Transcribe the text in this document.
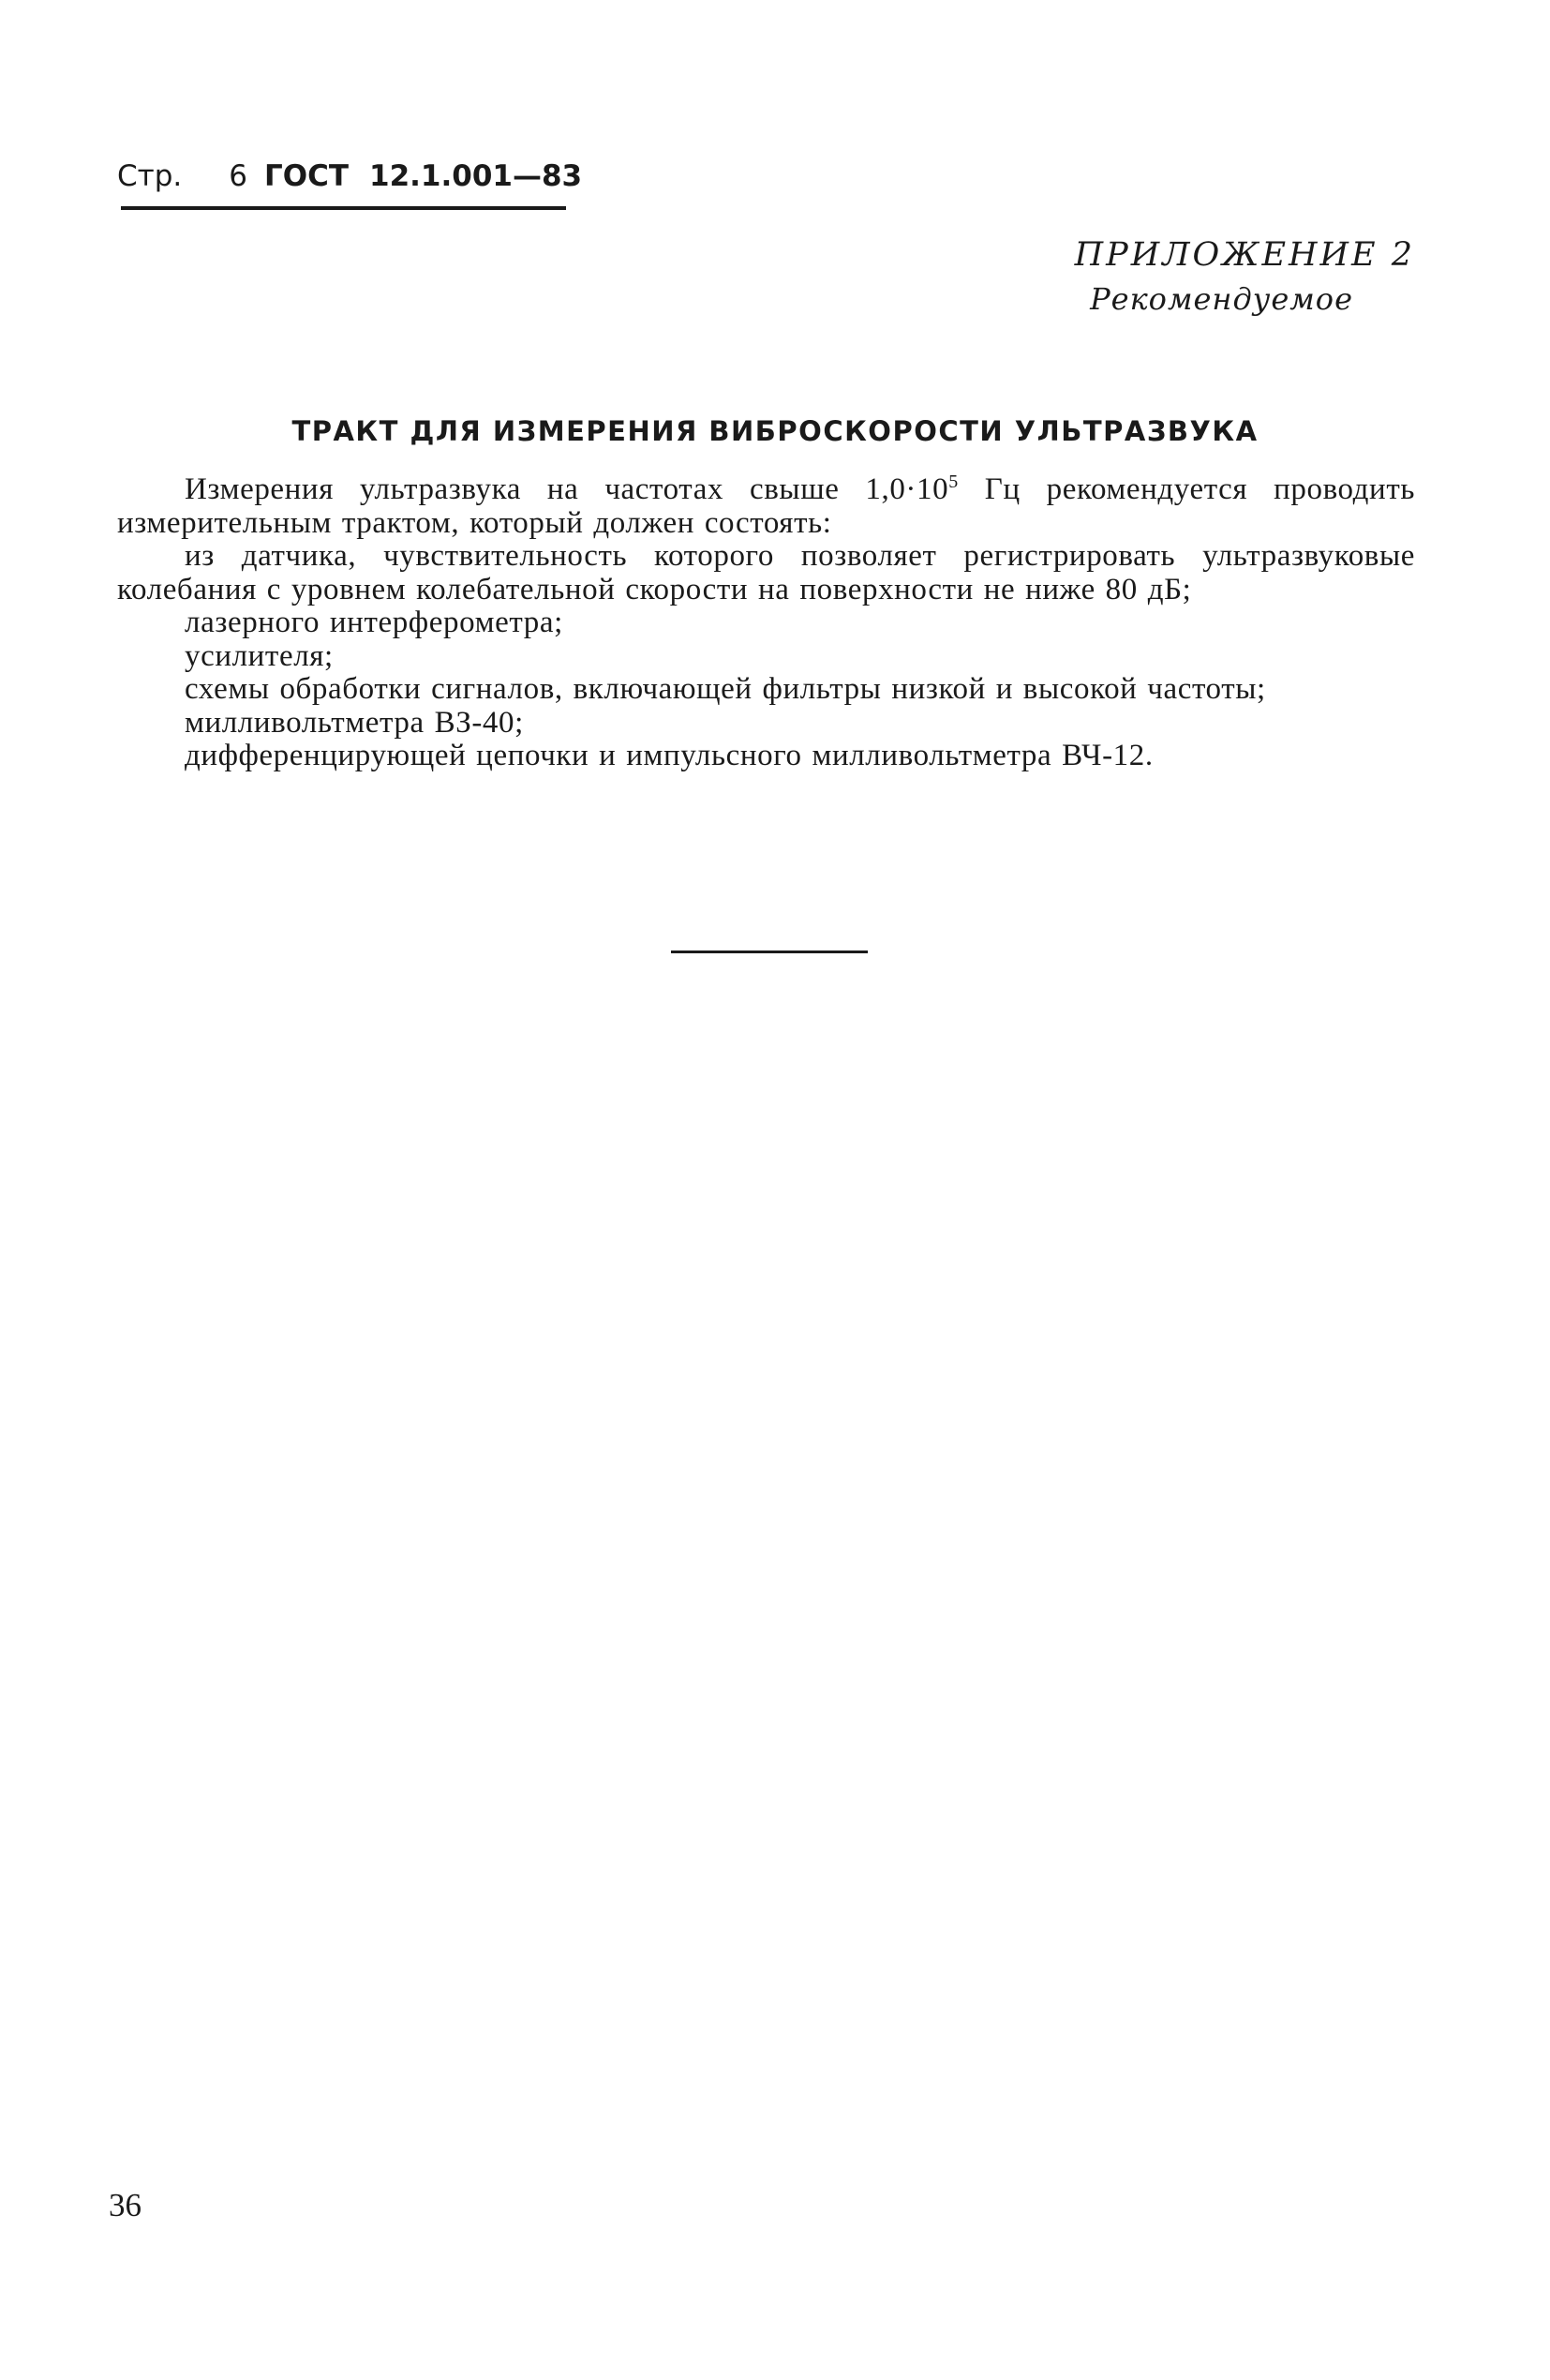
Стр. 6 ГОСТ 12.1.001—83
ПРИЛОЖЕНИЕ 2
Рекомендуемое
ТРАКТ ДЛЯ ИЗМЕРЕНИЯ ВИБРОСКОРОСТИ УЛЬТРАЗВУКА

Измерения ультразвука на частотах свыше $1,0\cdot 10^5$ Гц рекомендуется проводить измерительным трактом, который должен состоять:

из датчика, чувствительность которого позволяет регистрировать ультразвуковые колебания с уровнем колебательной скорости на поверхности не ниже 80 дБ;

лазерного интерферометра;

усилителя;

схемы обработки сигналов, включающей фильтры низкой и высокой частоты;

милливольтметра ВЗ-40;

дифференцирующей цепочки и импульсного милливольтметра ВЧ-12.

36
